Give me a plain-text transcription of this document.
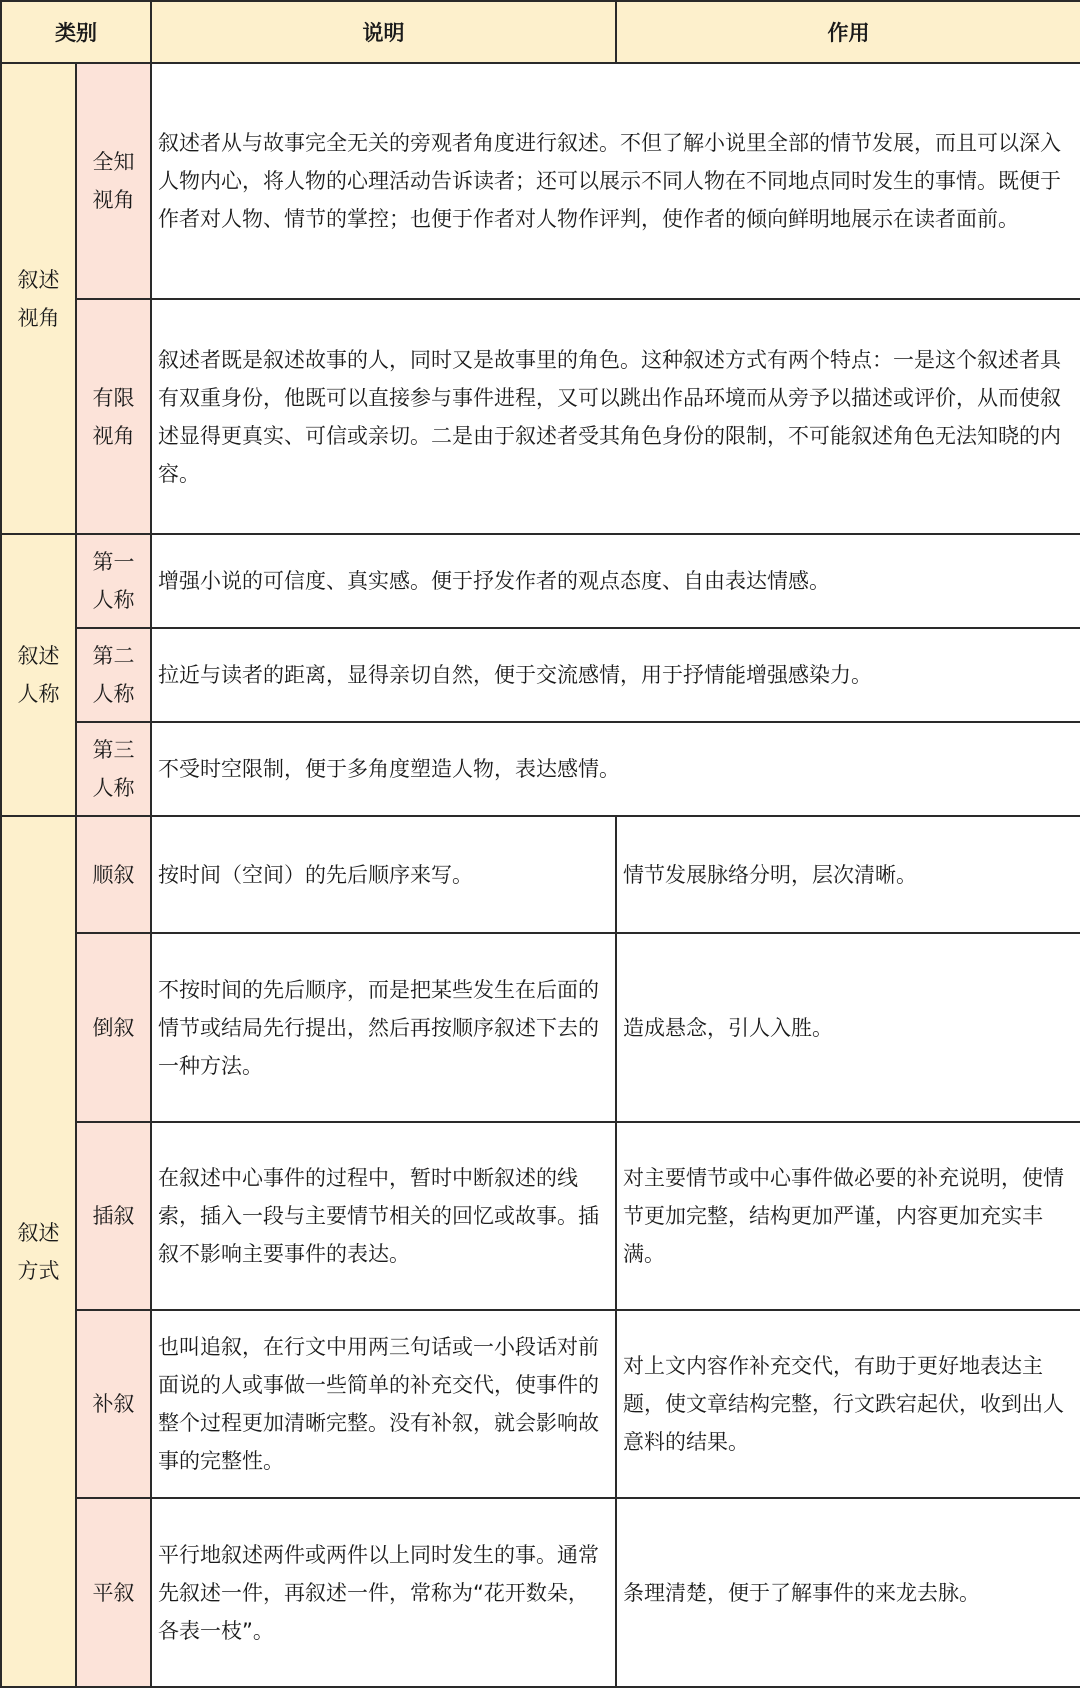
类别		说明	作用
叙述视角	全知视角	叙述者从与故事完全无关的旁观者角度进行叙述。不但了解小说里全部的情节发展，而且可以深入人物内心，将人物的心理活动告诉读者；还可以展示不同人物在不同地点同时发生的事情。既便于作者对人物、情节的掌控；也便于作者对人物作评判，使作者的倾向鲜明地展示在读者面前。	
	有限视角	叙述者既是叙述故事的人，同时又是故事里的角色。这种叙述方式有两个特点：一是这个叙述者具有双重身份，他既可以直接参与事件进程，又可以跳出作品环境而从旁予以描述或评价，从而使叙述显得更真实、可信或亲切。二是由于叙述者受其角色身份的限制，不可能叙述角色无法知晓的内容。	
叙述人称	第一人称	增强小说的可信度、真实感。便于抒发作者的观点态度、自由表达情感。	
	第二人称	拉近与读者的距离，显得亲切自然，便于交流感情，用于抒情能增强感染力。	
	第三人称	不受时空限制，便于多角度塑造人物，表达感情。	
叙述方式	顺叙	按时间（空间）的先后顺序来写。	情节发展脉络分明，层次清晰。
	倒叙	不按时间的先后顺序，而是把某些发生在后面的情节或结局先行提出，然后再按顺序叙述下去的一种方法。	造成悬念，引人入胜。
	插叙	在叙述中心事件的过程中，暂时中断叙述的线索，插入一段与主要情节相关的回忆或故事。插叙不影响主要事件的表达。	对主要情节或中心事件做必要的补充说明，使情节更加完整，结构更加严谨，内容更加充实丰满。
	补叙	也叫追叙，在行文中用两三句话或一小段话对前面说的人或事做一些简单的补充交代，使事件的整个过程更加清晰完整。没有补叙，就会影响故事的完整性。	对上文内容作补充交代，有助于更好地表达主题，使文章结构完整，行文跌宕起伏，收到出人意料的结果。
	平叙	平行地叙述两件或两件以上同时发生的事。通常先叙述一件，再叙述一件，常称为“花开数朵，各表一枝”。	条理清楚，便于了解事件的来龙去脉。
